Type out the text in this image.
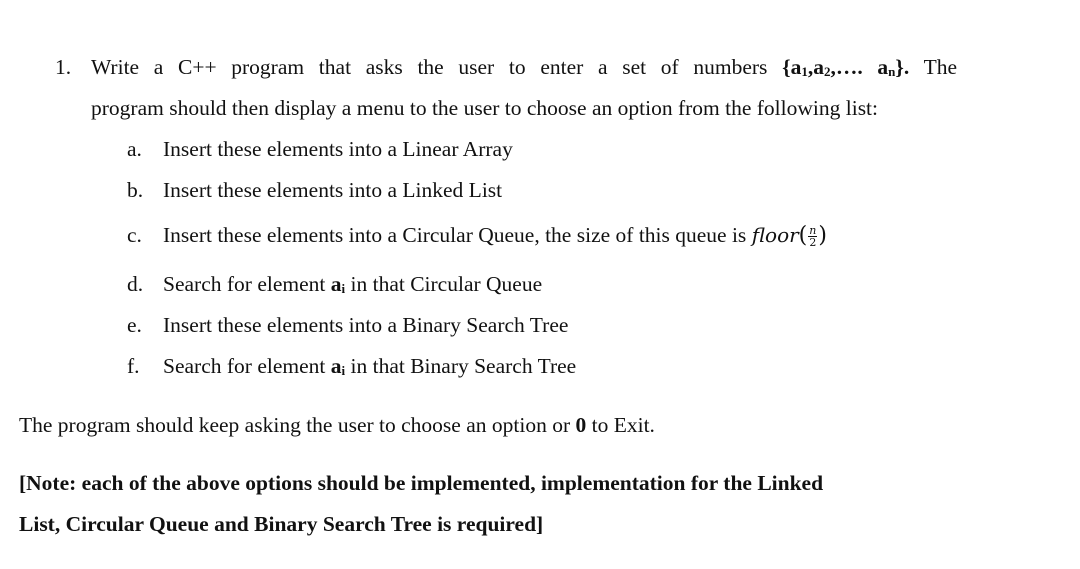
1. Write a C++ program that asks the user to enter a set of numbers {a1,a2,…. an}. The
program should then display a menu to the user to choose an option from the following list:
a. Insert these elements into a Linear Array
b. Insert these elements into a Linked List
c. Insert these elements into a Circular Queue, the size of this queue is floor( $\frac{n}{2}$ )
d. Search for element ai in that Circular Queue
e. Insert these elements into a Binary Search Tree
f. Search for element ai in that Binary Search Tree
The program should keep asking the user to choose an option or 0 to Exit.
[Note: each of the above options should be implemented, implementation for the Linked
List, Circular Queue and Binary Search Tree is required]
